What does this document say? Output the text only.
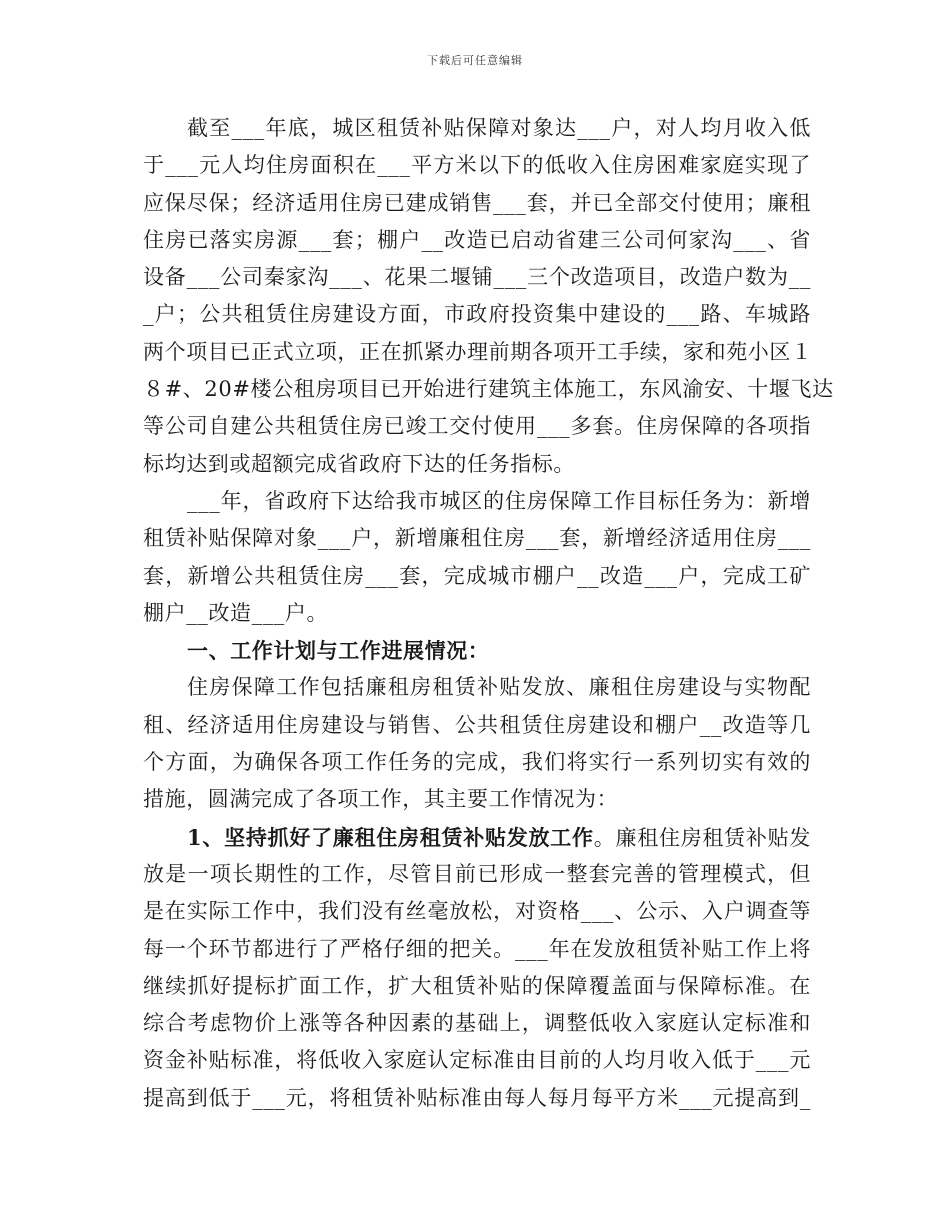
下载后可任意编辑
截至___年底，城区租赁补贴保障对象达___户，对人均月收入低
于___元人均住房面积在___平方米以下的低收入住房困难家庭实现了
应保尽保；经济适用住房已建成销售___套，并已全部交付使用；廉租
住房已落实房源___套；棚户__改造已启动省建三公司何家沟___、省
设备___公司秦家沟___、花果二堰铺___三个改造项目，改造户数为__
_户；公共租赁住房建设方面，市政府投资集中建设的___路、车城路
两个项目已正式立项，正在抓紧办理前期各项开工手续，家和苑小区１
８#、20#楼公租房项目已开始进行建筑主体施工，东风渝安、十堰飞达
等公司自建公共租赁住房已竣工交付使用___多套。住房保障的各项指
标均达到或超额完成省政府下达的任务指标。
___年，省政府下达给我市城区的住房保障工作目标任务为：新增
租赁补贴保障对象___户，新增廉租住房___套，新增经济适用住房___
套，新增公共租赁住房___套，完成城市棚户__改造___户，完成工矿
棚户__改造___户。
一、工作计划与工作进展情况：
住房保障工作包括廉租房租赁补贴发放、廉租住房建设与实物配
租、经济适用住房建设与销售、公共租赁住房建设和棚户__改造等几
个方面，为确保各项工作任务的完成，我们将实行一系列切实有效的
措施，圆满完成了各项工作，其主要工作情况为：
1、坚持抓好了廉租住房租赁补贴发放工作。廉租住房租赁补贴发
放是一项长期性的工作，尽管目前已形成一整套完善的管理模式，但
是在实际工作中，我们没有丝毫放松，对资格___、公示、入户调查等
每一个环节都进行了严格仔细的把关。___年在发放租赁补贴工作上将
继续抓好提标扩面工作，扩大租赁补贴的保障覆盖面与保障标准。在
综合考虑物价上涨等各种因素的基础上，调整低收入家庭认定标准和
资金补贴标准，将低收入家庭认定标准由目前的人均月收入低于___元
提高到低于___元，将租赁补贴标准由每人每月每平方米___元提高到_
